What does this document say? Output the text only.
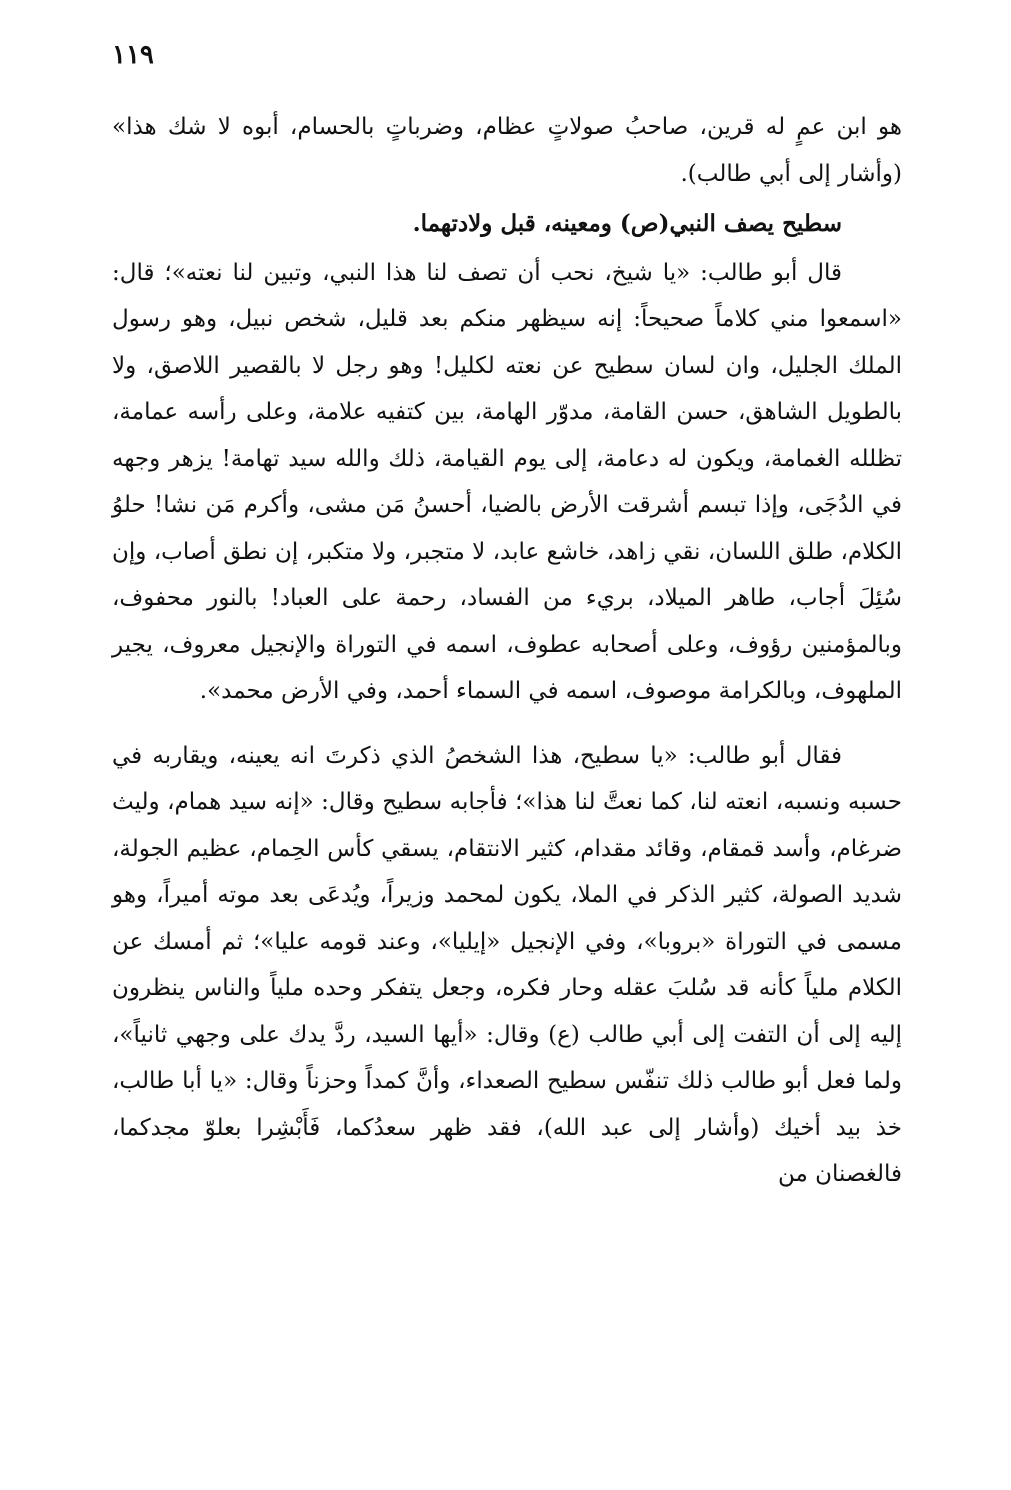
١١٩

هو ابن عمٍ له قرين، صاحبُ صولاتٍ عظام، وضرباتٍ بالحسام، أبوه لا شك هذا» (وأشار إلى أبي طالب).

سطيح يصف النبي(ص) ومعينه، قبل ولادتهما.

قال أبو طالب: «يا شيخ، نحب أن تصف لنا هذا النبي، وتبين لنا نعته»؛ قال: «اسمعوا مني كلاماً صحيحاً: إنه سيظهر منكم بعد قليل، شخص نبيل، وهو رسول الملك الجليل، وان لسان سطيح عن نعته لكليل! وهو رجل لا بالقصير اللاصق، ولا بالطويل الشاهق، حسن القامة، مدوّر الهامة، بين كتفيه علامة، وعلى رأسه عمامة، تظلله الغمامة، ويكون له دعامة، إلى يوم القيامة، ذلك والله سيد تهامة! يزهر وجهه في الدُجَى، وإذا تبسم أشرقت الأرض بالضيا، أحسنُ مَن مشى، وأكرم مَن نشا! حلوُ الكلام، طلق اللسان، نقي زاهد، خاشع عابد، لا متجبر، ولا متكبر، إن نطق أصاب، وإن سُئِلَ أجاب، طاهر الميلاد، بريء من الفساد، رحمة على العباد! بالنور محفوف، وبالمؤمنين رؤوف، وعلى أصحابه عطوف، اسمه في التوراة والإنجيل معروف، يجير الملهوف، وبالكرامة موصوف، اسمه في السماء أحمد، وفي الأرض محمد».

فقال أبو طالب: «يا سطيح، هذا الشخصُ الذي ذكرتَ انه يعينه، ويقاربه في حسبه ونسبه، انعته لنا، كما نعتَّ لنا هذا»؛ فأجابه سطيح وقال: «إنه سيد همام، وليث ضرغام، وأسد قمقام، وقائد مقدام، كثير الانتقام، يسقي كأس الحِمام، عظيم الجولة، شديد الصولة، كثير الذكر في الملا، يكون لمحمد وزيراً، ويُدعَى بعد موته أميراً، وهو مسمى في التوراة «بروبا»، وفي الإنجيل «إيليا»، وعند قومه عليا»؛ ثم أمسك عن الكلام ملياً كأنه قد سُلبَ عقله وحار فكره، وجعل يتفكر وحده ملياً والناس ينظرون إليه إلى أن التفت إلى أبي طالب (ع) وقال: «أيها السيد، ردَّ يدك على وجهي ثانياً»، ولما فعل أبو طالب ذلك تنفّس سطيح الصعداء، وأنَّ كمداً وحزناً وقال: «يا أبا طالب، خذ بيد أخيك (وأشار إلى عبد الله)، فقد ظهر سعدُكما، فَأَبْشِرا بعلوّ مجدكما، فالغصنان من
